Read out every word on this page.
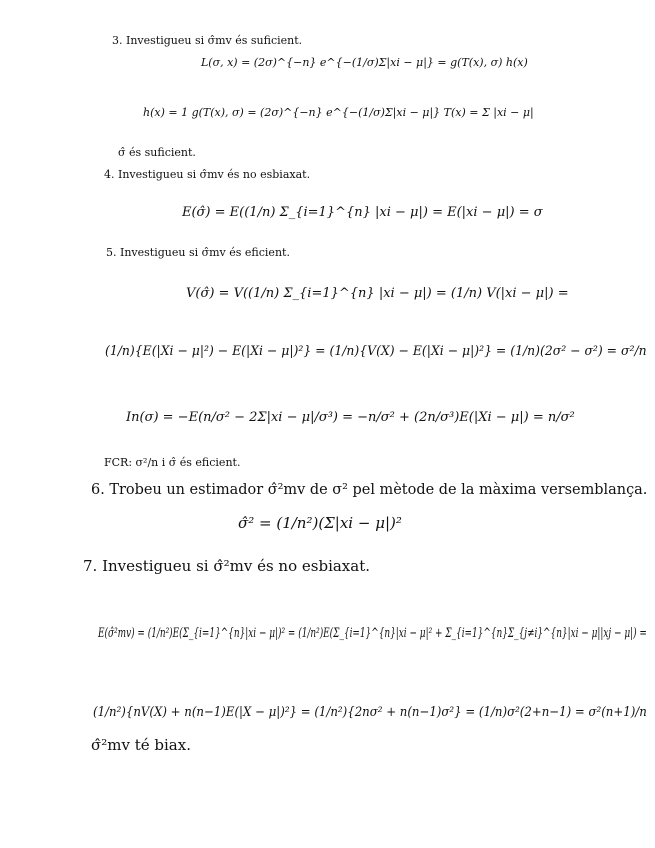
3. Investigueu si σ̂mv és suficient.
L(σ, x) = (2σ)^{−n} e^{−(1/σ)Σ|xi − μ|} = g(T(x), σ) h(x)
h(x) = 1 g(T(x), σ) = (2σ)^{−n} e^{−(1/σ)Σ|xi − μ|} T(x) = Σ |xi − μ|
σ̂ és suficient.
4. Investigueu si σ̂mv és no esbiaxat.
E(σ̂) = E((1/n) Σ_{i=1}^{n} |xi − μ|) = E(|xi − μ|) = σ
5. Investigueu si σ̂mv és eficient.
V(σ̂) = V((1/n) Σ_{i=1}^{n} |xi − μ|) = (1/n) V(|xi − μ|) =
(1/n){E(|Xi − μ|²) − E(|Xi − μ|)²} = (1/n){V(X) − E(|Xi − μ|)²} = (1/n)(2σ² − σ²) = σ²/n
In(σ) = −E(n/σ² − 2Σ|xi − μ|/σ³) = −n/σ² + (2n/σ³)E(|Xi − μ|) = n/σ²
FCR: σ²/n i σ̂ és eficient.
6. Trobeu un estimador σ̂²mv de σ² pel mètode de la màxima versemblança.
σ̂² = (1/n²)(Σ|xi − μ|)²
7. Investigueu si σ̂²mv és no esbiaxat.
E(σ̂²mv) = (1/n²)E(Σ_{i=1}^{n}|xi − μ|)² = (1/n²)E(Σ_{i=1}^{n}|xi − μ|² + Σ_{i=1}^{n}Σ_{j≠i}^{n}|xi − μ||xj − μ|) =
(1/n²){nV(X) + n(n−1)E(|X − μ|)²} = (1/n²){2nσ² + n(n−1)σ²} = (1/n)σ²(2+n−1) = σ²(n+1)/n
σ̂²mv té biax.
